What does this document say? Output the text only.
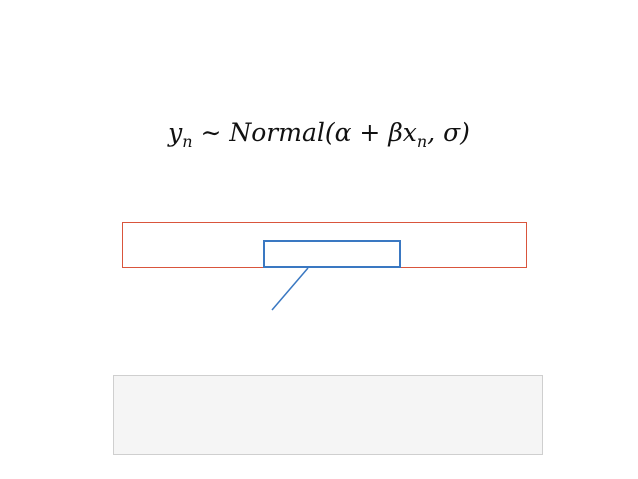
$y_n$ ∼ Normal(α + $\beta x_n$, σ)
